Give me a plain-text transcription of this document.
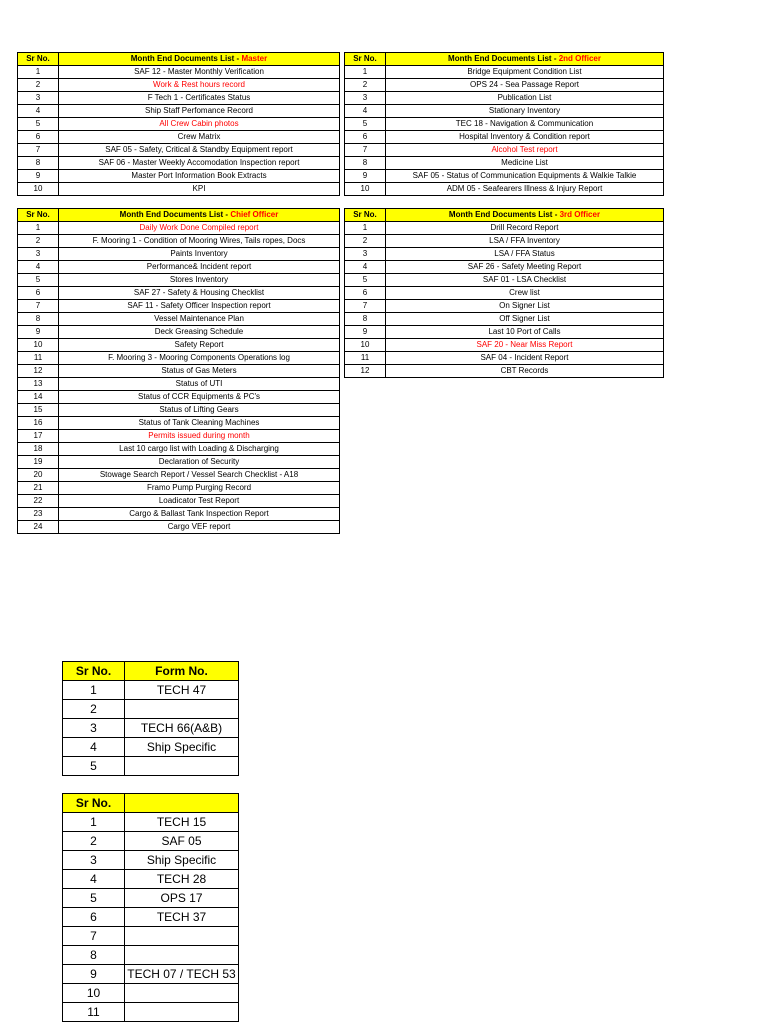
Sr No.	Month End Documents List - Master
1	SAF 12 - Master Monthly Verification
2	Work & Rest hours record
3	F Tech 1 - Certificates Status
4	Ship Staff Perfomance Record
5	All Crew Cabin photos
6	Crew Matrix
7	SAF 05 - Safety, Critical & Standby Equipment report
8	SAF 06 - Master Weekly Accomodation Inspection report
9	Master Port Information Book Extracts
10	KPI
Sr No.	Month End Documents List - 2nd Officer
1	Bridge Equipment Condition List
2	OPS 24 - Sea Passage Report
3	Publication List
4	Stationary Inventory
5	TEC 18 - Navigation & Communication
6	Hospital Inventory & Condition report
7	Alcohol Test report
8	Medicine List
9	SAF 05 - Status of Communication Equipments & Walkie Talkie
10	ADM 05 - Seafearers Illness & Injury Report
Sr No.	Month End Documents List - Chief Officer
1	Daily Work Done Compiled report
2	F. Mooring 1 - Condition of Mooring Wires, Tails ropes, Docs
3	Paints Inventory
4	Performance& Incident report
5	Stores Inventory
6	SAF 27 - Safety & Housing Checklist
7	SAF 11 - Safety Officer Inspection report
8	Vessel Maintenance Plan
9	Deck Greasing Schedule
10	Safety Report
11	F. Mooring 3 - Mooring Components Operations log
12	Status of Gas Meters
13	Status of UTI
14	Status of CCR Equipments & PC's
15	Status of Lifting Gears
16	Status of Tank Cleaning Machines
17	Permits issued during month
18	Last 10 cargo list with Loading & Discharging
19	Declaration of Security
20	Stowage Search Report / Vessel Search Checklist - A18
21	Framo Pump Purging Record
22	Loadicator Test Report
23	Cargo & Ballast Tank Inspection Report
24	Cargo VEF report
Sr No.	Month End Documents List - 3rd Officer
1	Drill Record Report
2	LSA / FFA Inventory
3	LSA / FFA Status
4	SAF 26 - Safety Meeting Report
5	SAF 01 - LSA Checklist
6	Crew list
7	On Signer List
8	Off Signer List
9	Last 10 Port of Calls
10	SAF 20 - Near Miss Report
11	SAF 04 - Incident Report
12	CBT Records
Sr No.	Form No.
1	TECH 47
2	
3	TECH 66(A&B)
4	Ship Specific
5	
Sr No.	
1	TECH 15
2	SAF 05
3	Ship Specific
4	TECH 28
5	OPS 17
6	TECH 37
7	
8	
9	TECH 07 / TECH 53
10	
11	
